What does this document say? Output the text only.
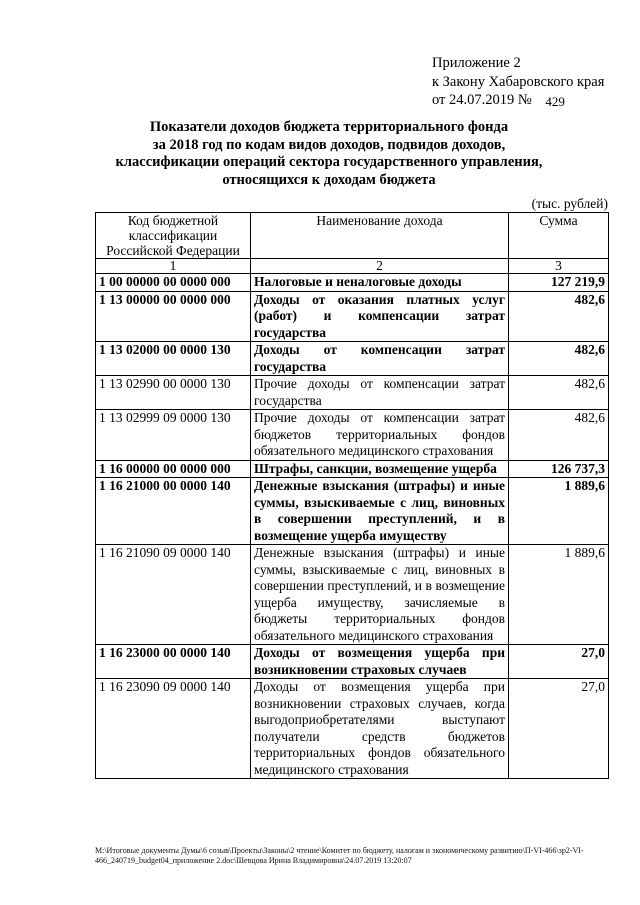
Приложение 2
к Закону Хабаровского края
от 24.07.2019 № 429
Показатели доходов бюджета территориального фонда
за 2018 год по кодам видов доходов, подвидов доходов,
классификации операций сектора государственного управления,
относящихся к доходам бюджета
(тыс. рублей)
Код бюджетной классификации Российской Федерации	Наименование дохода	Сумма
1	2	3
1 00 00000 00 0000 000	Налоговые и неналоговые доходы	127 219,9
1 13 00000 00 0000 000	Доходы от оказания платных услуг (работ) и компенсации затрат государства	482,6
1 13 02000 00 0000 130	Доходы от компенсации затрат государства	482,6
1 13 02990 00 0000 130	Прочие доходы от компенсации затрат государства	482,6
1 13 02999 09 0000 130	Прочие доходы от компенсации затрат бюджетов территориальных фондов обязательного медицинского страхования	482,6
1 16 00000 00 0000 000	Штрафы, санкции, возмещение ущерба	126 737,3
1 16 21000 00 0000 140	Денежные взыскания (штрафы) и иные суммы, взыскиваемые с лиц, виновных в совершении преступлений, и в возмещение ущерба имуществу	1 889,6
1 16 21090 09 0000 140	Денежные взыскания (штрафы) и иные суммы, взыскиваемые с лиц, виновных в совершении преступлений, и в возмещение ущерба имуществу, зачисляемые в бюджеты территориальных фондов обязательного медицинского страхования	1 889,6
1 16 23000 00 0000 140	Доходы от возмещения ущерба при возникновении страховых случаев	27,0
1 16 23090 09 0000 140	Доходы от возмещения ущерба при возникновении страховых случаев, когда выгодоприобретателями выступают получатели средств бюджетов территориальных фондов обязательного медицинского страхования	27,0
M:\Итоговые документы Думы\6 созыв\Проекты\Законы\2 чтение\Комитет по бюджету, налогам и экономическому развитию\П-VI-466\зр2-VI-466_240719_budget04_приложение 2.doc\Шевцова Ирина Владимировна\24.07.2019 13:20:07
